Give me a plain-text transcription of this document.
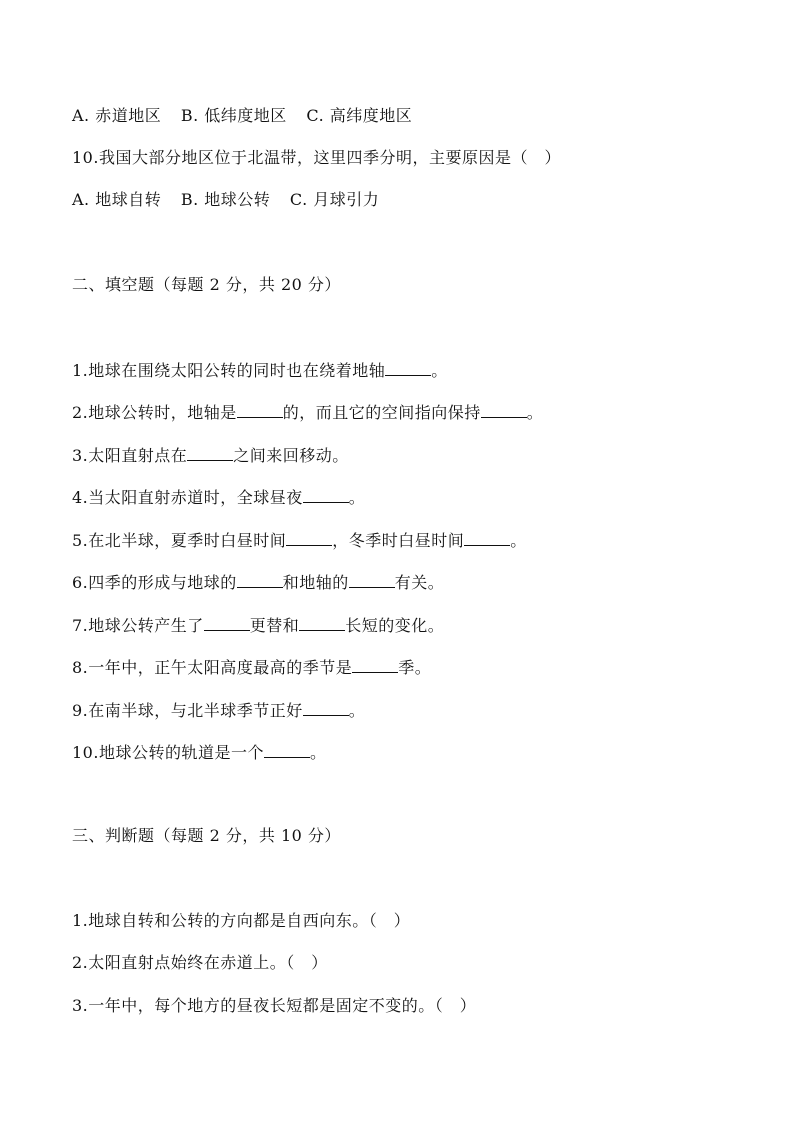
A. 赤道地区 B. 低纬度地区 C. 高纬度地区
10.我国大部分地区位于北温带，这里四季分明，主要原因是（　）
A. 地球自转 B. 地球公转 C. 月球引力
二、填空题（每题 2 分，共 20 分）
1.地球在围绕太阳公转的同时也在绕着地轴	。
2.地球公转时，地轴是	的，而且它的空间指向保持	。
3.太阳直射点在	之间来回移动。
4.当太阳直射赤道时，全球昼夜	。
5.在北半球，夏季时白昼时间	，冬季时白昼时间	。
6.四季的形成与地球的	和地轴的	有关。
7.地球公转产生了	更替和	长短的变化。
8.一年中，正午太阳高度最高的季节是	季。
9.在南半球，与北半球季节正好	。
10.地球公转的轨道是一个	。
三、判断题（每题 2 分，共 10 分）
1.地球自转和公转的方向都是自西向东。（　）
2.太阳直射点始终在赤道上。（　）
3.一年中，每个地方的昼夜长短都是固定不变的。（　）
